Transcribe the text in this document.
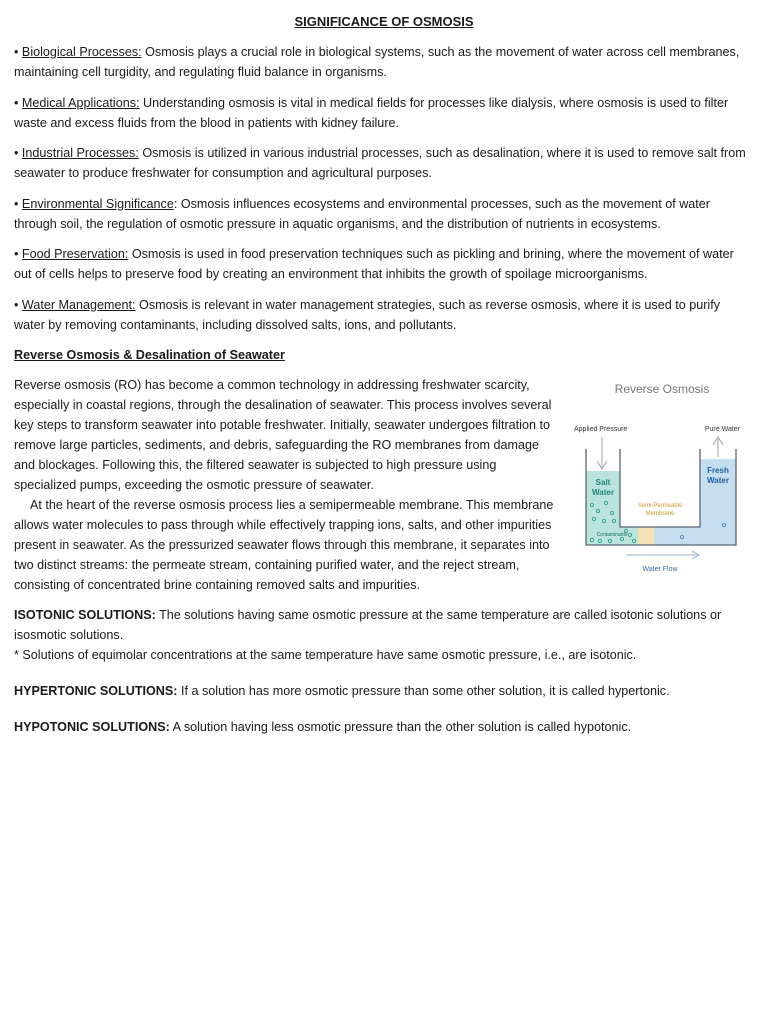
SIGNIFICANCE OF OSMOSIS
• Biological Processes: Osmosis plays a crucial role in biological systems, such as the movement of water across cell membranes, maintaining cell turgidity, and regulating fluid balance in organisms.
• Medical Applications: Understanding osmosis is vital in medical fields for processes like dialysis, where osmosis is used to filter waste and excess fluids from the blood in patients with kidney failure.
• Industrial Processes: Osmosis is utilized in various industrial processes, such as desalination, where it is used to remove salt from seawater to produce freshwater for consumption and agricultural purposes.
• Environmental Significance: Osmosis influences ecosystems and environmental processes, such as the movement of water through soil, the regulation of osmotic pressure in aquatic organisms, and the distribution of nutrients in ecosystems.
• Food Preservation: Osmosis is used in food preservation techniques such as pickling and brining, where the movement of water out of cells helps to preserve food by creating an environment that inhibits the growth of spoilage microorganisms.
• Water Management: Osmosis is relevant in water management strategies, such as reverse osmosis, where it is used to purify water by removing contaminants, including dissolved salts, ions, and pollutants.
Reverse Osmosis & Desalination of Seawater

Reverse osmosis (RO) has become a common technology in addressing freshwater scarcity, especially in coastal regions, through the desalination of seawater. This process involves several key steps to transform seawater into potable freshwater. Initially, seawater undergoes filtration to remove large particles, sediments, and debris, safeguarding the RO membranes from damage and blockages. Following this, the filtered seawater is subjected to high pressure using specialized pumps, exceeding the osmotic pressure of seawater.

At the heart of the reverse osmosis process lies a semipermeable membrane. This membrane allows water molecules to pass through while effectively trapping ions, salts, and other impurities present in seawater. As the pressurized seawater flows through this membrane, it separates into two distinct streams: the permeate stream, containing purified water, and the reject stream, consisting of concentrated brine containing removed salts and impurities.

Reverse Osmosis
Applied Pressure	Pure Water
Salt
Water
Fresh
Water
Semi-Permeable
Membrane
Contaminants
Water Flow

ISOTONIC SOLUTIONS: The solutions having same osmotic pressure at the same temperature are called isotonic solutions or isosmotic solutions.

* Solutions of equimolar concentrations at the same temperature have same osmotic pressure, i.e., are isotonic.

HYPERTONIC SOLUTIONS: If a solution has more osmotic pressure than some other solution, it is called hypertonic.

HYPOTONIC SOLUTIONS: A solution having less osmotic pressure than the other solution is called hypotonic.
